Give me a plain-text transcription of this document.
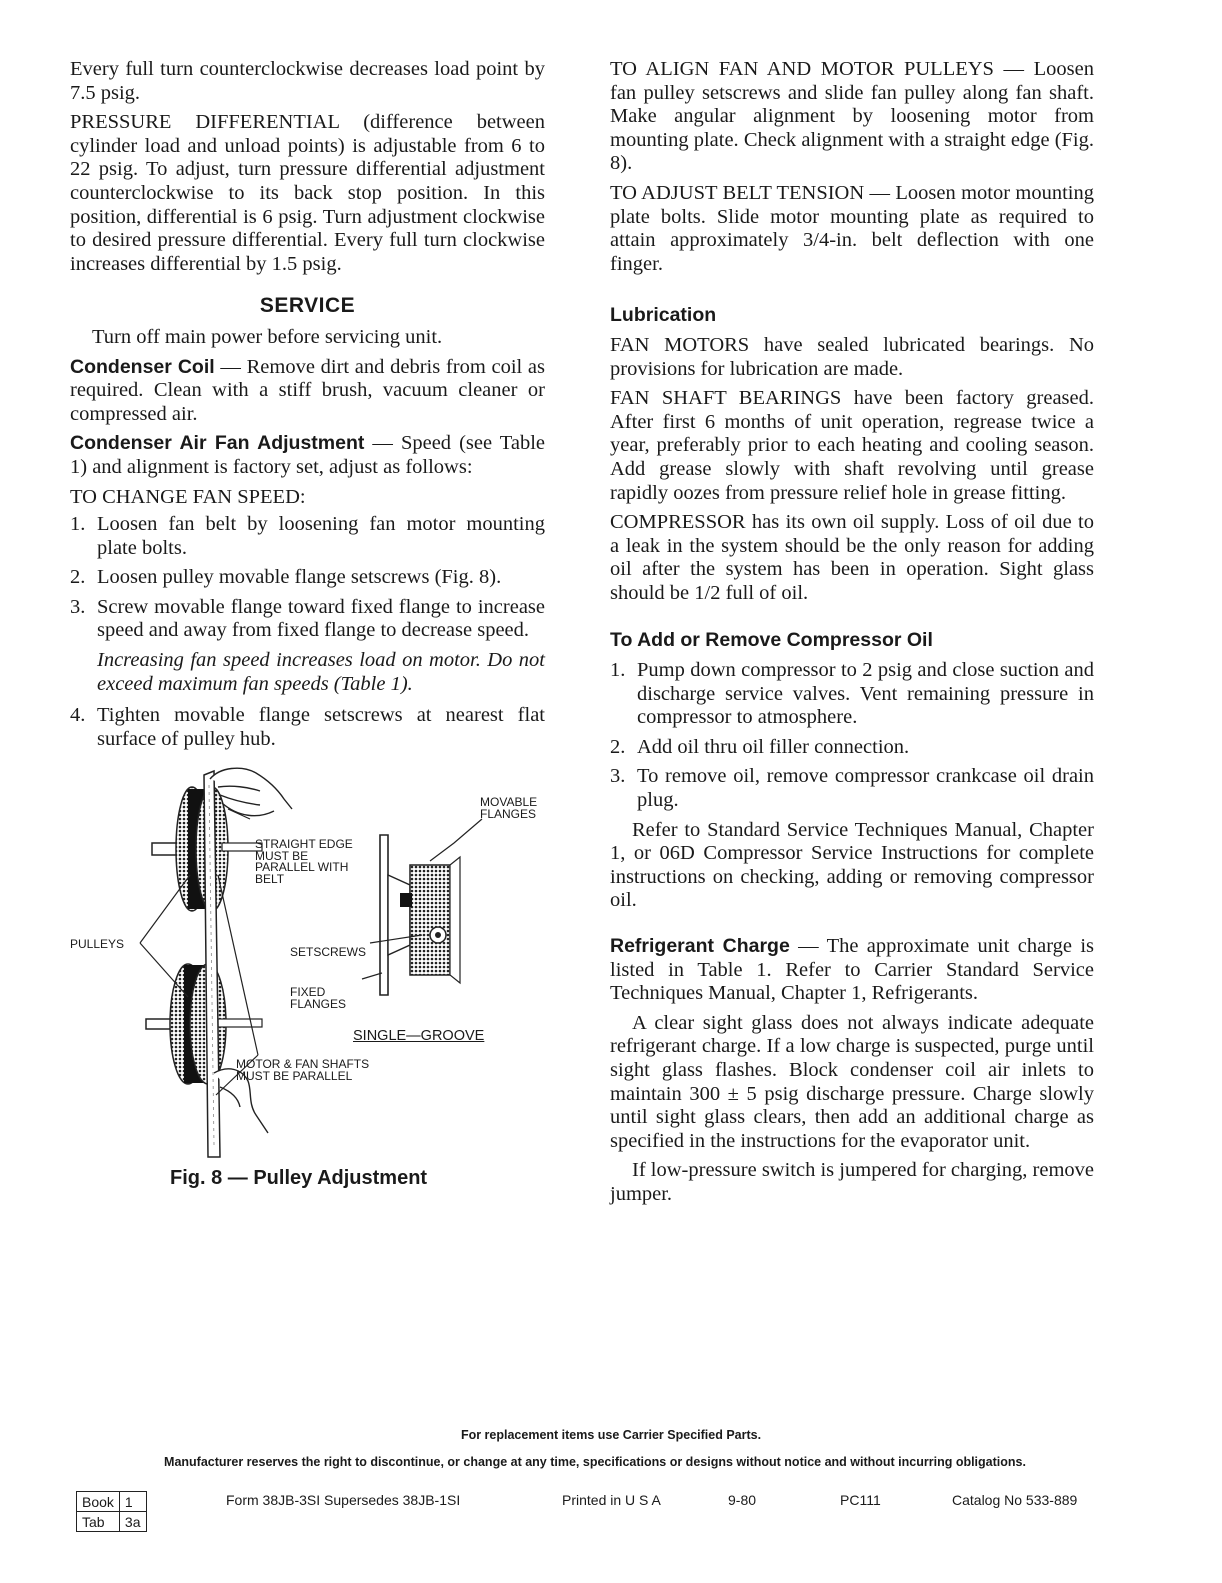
Every full turn counterclockwise decreases load point by 7.5 psig.

PRESSURE DIFFERENTIAL (difference between cylinder load and unload points) is adjustable from 6 to 22 psig. To adjust, turn pressure differential adjustment counterclockwise to its back stop position. In this position, differential is 6 psig. Turn adjustment clockwise to desired pressure differential. Every full turn clockwise increases differential by 1.5 psig.

SERVICE

Turn off main power before servicing unit.

Condenser Coil — Remove dirt and debris from coil as required. Clean with a stiff brush, vacuum cleaner or compressed air.

Condenser Air Fan Adjustment — Speed (see Table 1) and alignment is factory set, adjust as follows:

TO CHANGE FAN SPEED:

1. Loosen fan belt by loosening fan motor mounting plate bolts.
2. Loosen pulley movable flange setscrews (Fig. 8).
3. Screw movable flange toward fixed flange to increase speed and away from fixed flange to decrease speed.

Increasing fan speed increases load on motor. Do not exceed maximum fan speeds (Table 1).

4. Tighten movable flange setscrews at nearest flat surface of pulley hub.
MOVABLE FLANGES
STRAIGHT EDGE MUST BE PARALLEL WITH BELT
PULLEYS
SETSCREWS
FIXED FLANGES
SINGLE—GROOVE
MOTOR & FAN SHAFTS MUST BE PARALLEL
Fig. 8 — Pulley Adjustment

TO ALIGN FAN AND MOTOR PULLEYS — Loosen fan pulley setscrews and slide fan pulley along fan shaft. Make angular alignment by loosening motor from mounting plate. Check alignment with a straight edge (Fig. 8).

TO ADJUST BELT TENSION — Loosen motor mounting plate bolts. Slide motor mounting plate as required to attain approximately 3/4-in. belt deflection with one finger.

Lubrication

FAN MOTORS have sealed lubricated bearings. No provisions for lubrication are made.

FAN SHAFT BEARINGS have been factory greased. After first 6 months of unit operation, regrease twice a year, preferably prior to each heating and cooling season. Add grease slowly with shaft revolving until grease rapidly oozes from pressure relief hole in grease fitting.

COMPRESSOR has its own oil supply. Loss of oil due to a leak in the system should be the only reason for adding oil after the system has been in operation. Sight glass should be 1/2 full of oil.

To Add or Remove Compressor Oil
1. Pump down compressor to 2 psig and close suction and discharge service valves. Vent remaining pressure in compressor to atmosphere.
2. Add oil thru oil filler connection.
3. To remove oil, remove compressor crankcase oil drain plug.

Refer to Standard Service Techniques Manual, Chapter 1, or 06D Compressor Service Instructions for complete instructions on checking, adding or removing compressor oil.

Refrigerant Charge — The approximate unit charge is listed in Table 1. Refer to Carrier Standard Service Techniques Manual, Chapter 1, Refrigerants.

A clear sight glass does not always indicate adequate refrigerant charge. If a low charge is suspected, purge until sight glass flashes. Block condenser coil air inlets to maintain 300 ± 5 psig discharge pressure. Charge slowly until sight glass clears, then add an additional charge as specified in the instructions for the evaporator unit.

If low-pressure switch is jumpered for charging, remove jumper.

For replacement items use Carrier Specified Parts.
Manufacturer reserves the right to discontinue, or change at any time, specifications or designs without notice and without incurring obligations.
Book	1
Tab	3a
Form 38JB-3SI Supersedes 38JB-1SI	Printed in U S A	9-80	PC111	Catalog No 533-889
